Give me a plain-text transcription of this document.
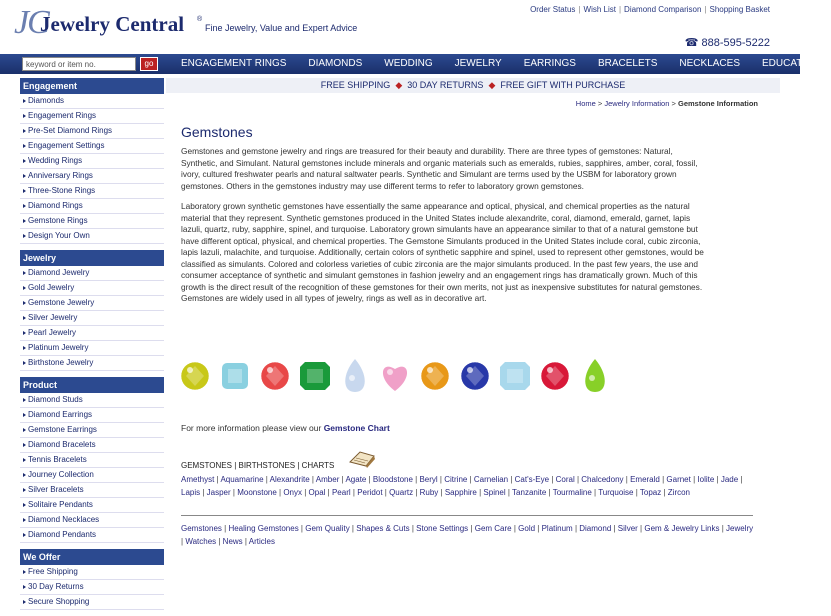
JC
Jewelry Central ®
Fine Jewelry, Value and Expert Advice
Order Status | Wish List | Diamond Comparison | Shopping Basket
☎ 888-595-5222
keyword or item no.
go	ENGAGEMENT RINGS	DIAMONDS	WEDDING	JEWELRY	EARRINGS	BRACELETS	NECKLACES	EDUCATION
Engagement
Diamonds
Engagement Rings
Pre-Set Diamond Rings
Engagement Settings
Wedding Rings
Anniversary Rings
Three-Stone Rings
Diamond Rings
Gemstone Rings
Design Your Own
Jewelry
Diamond Jewelry
Gold Jewelry
Gemstone Jewelry
Silver Jewelry
Pearl Jewelry
Platinum Jewelry
Birthstone Jewelry
Product
Diamond Studs
Diamond Earrings
Gemstone Earrings
Diamond Bracelets
Tennis Bracelets
Journey Collection
Silver Bracelets
Solitaire Pendants
Diamond Necklaces
Diamond Pendants
We Offer
Free Shipping
30 Day Returns
Secure Shopping
FREE SHIPPING ◆ 30 DAY RETURNS ◆ FREE GIFT WITH PURCHASE
Home > Jewelry Information > Gemstone Information
Gemstones

Gemstones and gemstone jewelry and rings are treasured for their beauty and durability. There are three types of gemstones: Natural, Synthetic, and Simulant. Natural gemstones include minerals and organic materials such as emeralds, rubies, sapphires, amber, coral, fossil, ivory, cultured freshwater pearls and natural saltwater pearls. Synthetic and Simulant are terms used by the USBM for laboratory grown gemstones. Others in the gemstones industry may use different terms to refer to laboratory grown gemstones.

Laboratory grown synthetic gemstones have essentially the same appearance and optical, physical, and chemical properties as the natural material that they represent. Synthetic gemstones produced in the United States include alexandrite, coral, diamond, emerald, garnet, lapis lazuli, quartz, ruby, sapphire, spinel, and turquoise. Laboratory grown simulants have an appearance similar to that of a natural gemstone but have different optical, physical, and chemical properties. The Gemstone Simulants produced in the United States include coral, cubic zirconia, lapis lazuli, malachite, and turquoise. Additionally, certain colors of synthetic sapphire and spinel, used to represent other gemstones, would be classified as simulants. Colored and colorless varieties of cubic zirconia are the major simulants produced. In the past few years, the use and consumer acceptance of synthetic and simulant gemstones in fashion jewelry and an engagement rings has dramatically grown. Much of this growth is the direct result of the recognition of these gemstones for their own merits, not just as inexpensive substitutes for natural gemstones. Gemstones are widely used in all types of jewelry, rings as well as in decorative art.

For more information please view our Gemstone Chart
GEMSTONES | BIRTHSTONES | CHARTS
Amethyst | Aquamarine | Alexandrite | Amber | Agate | Bloodstone | Beryl | Citrine | Carnelian | Cat's-Eye | Coral | Chalcedony | Emerald | Garnet | Iolite | Jade | Lapis | Jasper | Moonstone | Onyx | Opal | Pearl | Peridot | Quartz | Ruby | Sapphire | Spinel | Tanzanite | Tourmaline | Turquoise | Topaz | Zircon
Gemstones | Healing Gemstones | Gem Quality | Shapes & Cuts | Stone Settings | Gem Care | Gold | Platinum | Diamond | Silver | Gem & Jewelry Links | Jewelry | Watches | News | Articles
